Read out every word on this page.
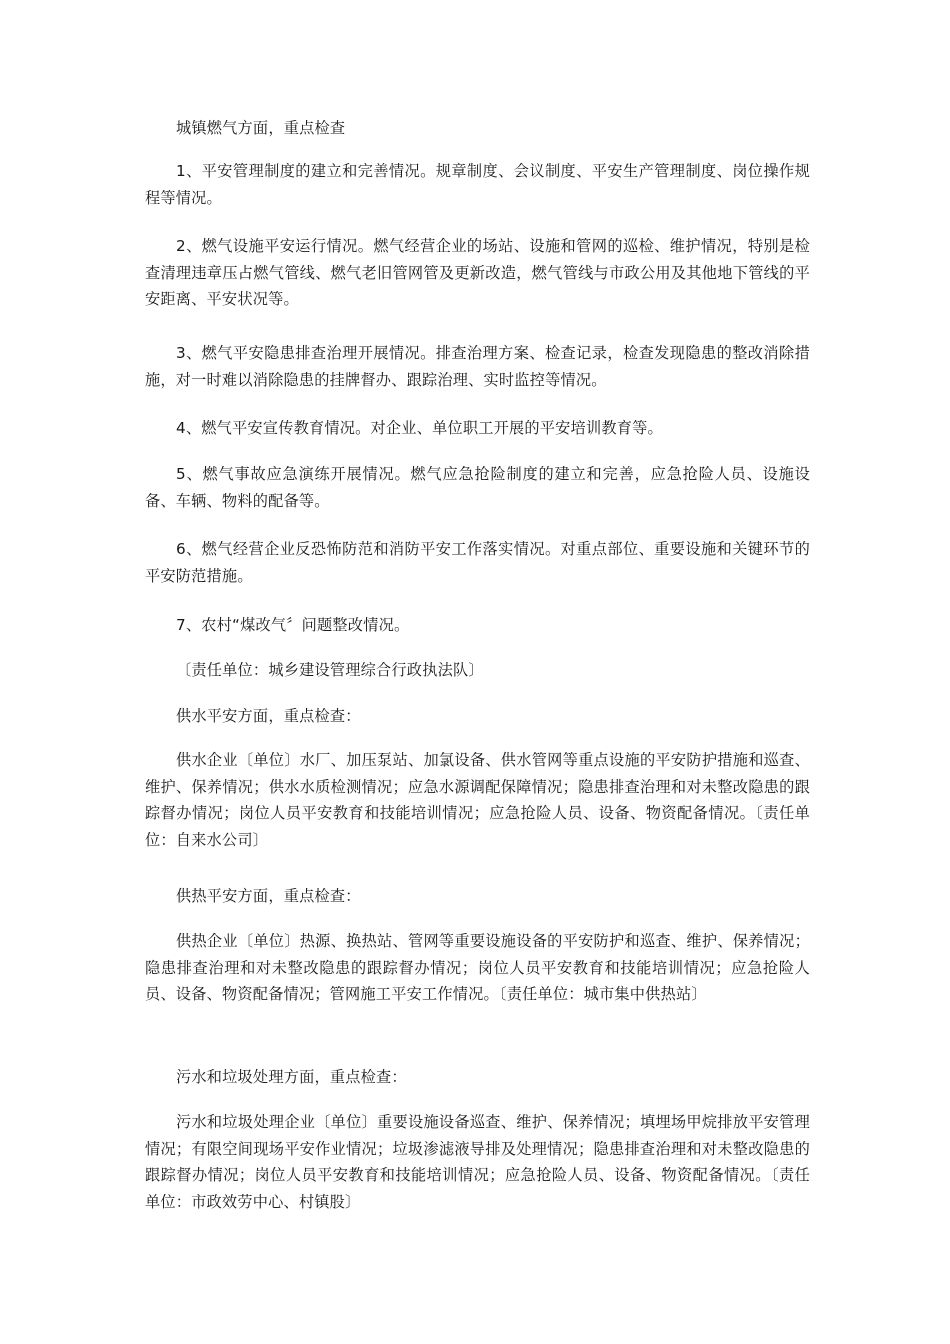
城镇燃气方面，重点检查

1、平安管理制度的建立和完善情况。规章制度、会议制度、平安生产管理制度、岗位操作规程等情况。

2、燃气设施平安运行情况。燃气经营企业的场站、设施和管网的巡检、维护情况，特别是检查清理违章压占燃气管线、燃气老旧管网管及更新改造，燃气管线与市政公用及其他地下管线的平安距离、平安状况等。

3、燃气平安隐患排查治理开展情况。排查治理方案、检查记录，检查发现隐患的整改消除措施，对一时难以消除隐患的挂牌督办、跟踪治理、实时监控等情况。

4、燃气平安宣传教育情况。对企业、单位职工开展的平安培训教育等。

5、燃气事故应急演练开展情况。燃气应急抢险制度的建立和完善，应急抢险人员、设施设备、车辆、物料的配备等。

6、燃气经营企业反恐怖防范和消防平安工作落实情况。对重点部位、重要设施和关键环节的平安防范措施。

7、农村“煤改气〞问题整改情况。

〔责任单位：城乡建设管理综合行政执法队〕

供水平安方面，重点检查：

供水企业〔单位〕水厂、加压泵站、加氯设备、供水管网等重点设施的平安防护措施和巡查、维护、保养情况；供水水质检测情况；应急水源调配保障情况；隐患排查治理和对未整改隐患的跟踪督办情况；岗位人员平安教育和技能培训情况；应急抢险人员、设备、物资配备情况。〔责任单位：自来水公司〕

供热平安方面，重点检查：

供热企业〔单位〕热源、换热站、管网等重要设施设备的平安防护和巡查、维护、保养情况；隐患排查治理和对未整改隐患的跟踪督办情况；岗位人员平安教育和技能培训情况；应急抢险人员、设备、物资配备情况；管网施工平安工作情况。〔责任单位：城市集中供热站〕

污水和垃圾处理方面，重点检查：

污水和垃圾处理企业〔单位〕重要设施设备巡查、维护、保养情况；填埋场甲烷排放平安管理情况；有限空间现场平安作业情况；垃圾渗滤液导排及处理情况；隐患排查治理和对未整改隐患的跟踪督办情况；岗位人员平安教育和技能培训情况；应急抢险人员、设备、物资配备情况。〔责任单位：市政效劳中心、村镇股〕
